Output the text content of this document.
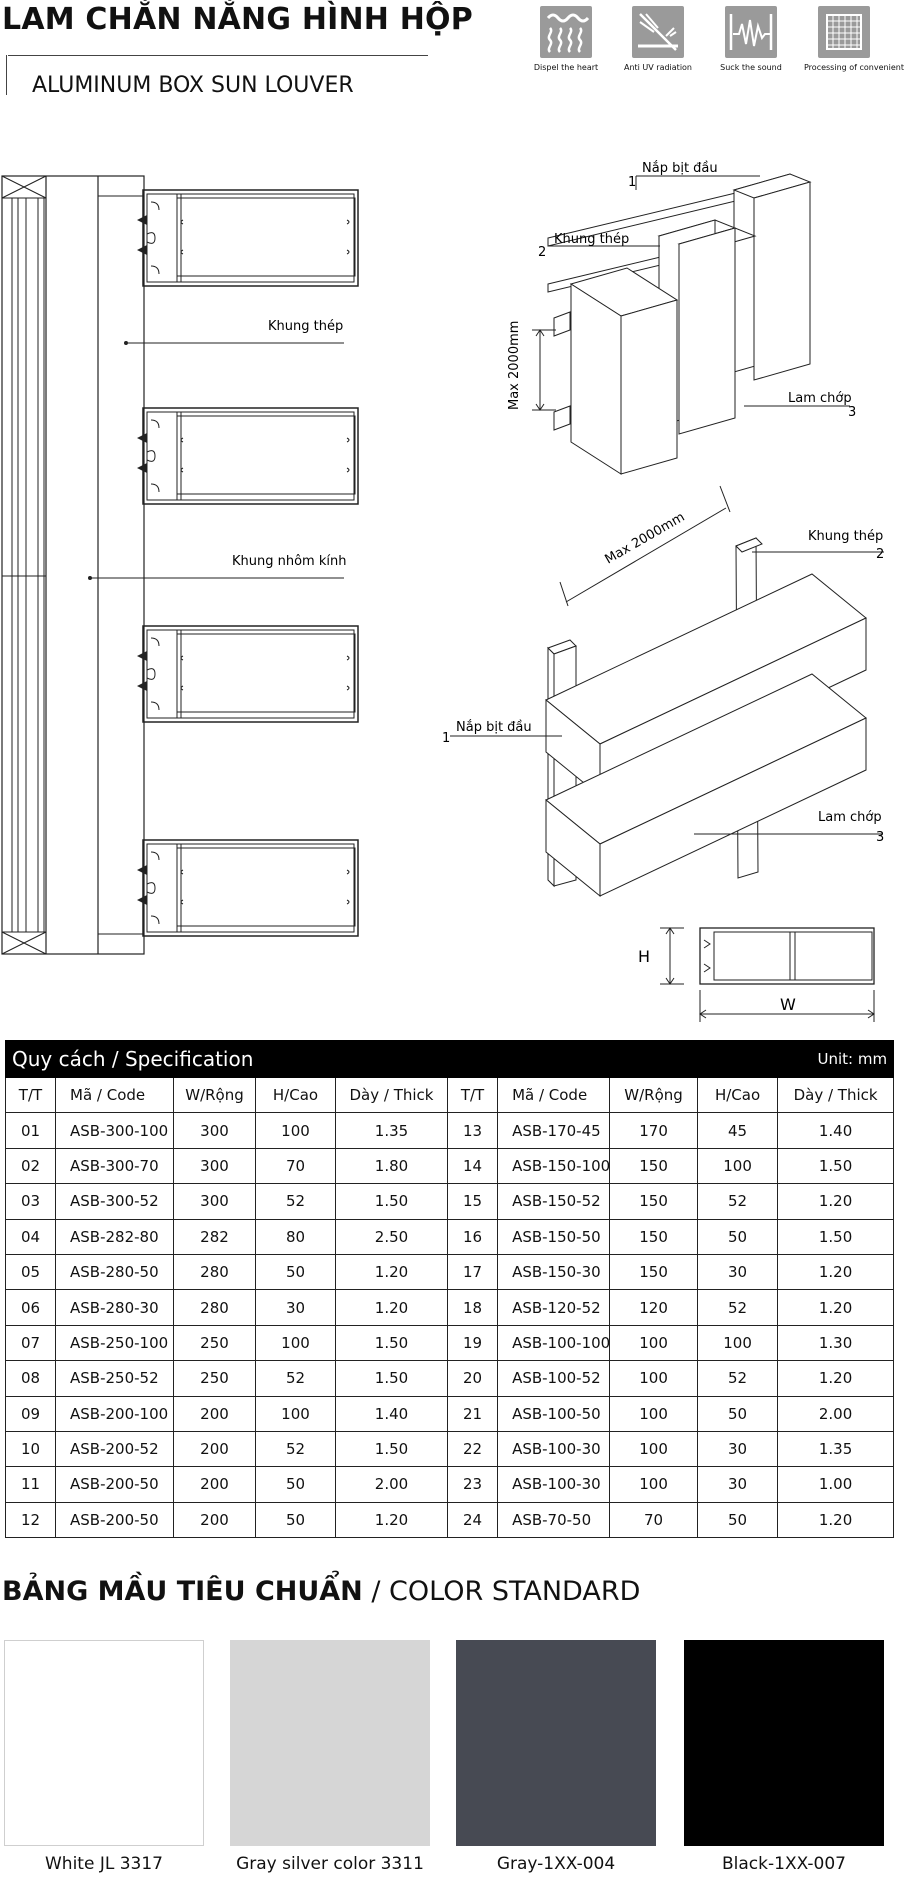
LAM CHẮN NẮNG HÌNH HỘP
ALUMINUM BOX SUN LOUVER
Dispel the heart	Anti UV radiation	Suck the sound	Processing of convenient
Khung thép
Khung nhôm kính
Max 2000mm
Nắp bịt đầu
1
Khung thép
2
Lam chớp
3
Max 2000mm	Khung thép
2
Nắp bịt đầu
1
Lam chớp
3
H
W
Quy cách / Specification						Unit: mm			
T/T	Mã / Code	W/Rộng	H/Cao	Dày / Thick	T/T	Mã / Code	W/Rộng	H/Cao	Dày / Thick
01	ASB-300-100	300	100	1.35	13	ASB-170-45	170	45	1.40
02	ASB-300-70	300	70	1.80	14	ASB-150-100	150	100	1.50
03	ASB-300-52	300	52	1.50	15	ASB-150-52	150	52	1.20
04	ASB-282-80	282	80	2.50	16	ASB-150-50	150	50	1.50
05	ASB-280-50	280	50	1.20	17	ASB-150-30	150	30	1.20
06	ASB-280-30	280	30	1.20	18	ASB-120-52	120	52	1.20
07	ASB-250-100	250	100	1.50	19	ASB-100-100	100	100	1.30
08	ASB-250-52	250	52	1.50	20	ASB-100-52	100	52	1.20
09	ASB-200-100	200	100	1.40	21	ASB-100-50	100	50	2.00
10	ASB-200-52	200	52	1.50	22	ASB-100-30	100	30	1.35
11	ASB-200-50	200	50	2.00	23	ASB-100-30	100	30	1.00
12	ASB-200-50	200	50	1.20	24	ASB-70-50	70	50	1.20
BẢNG MẦU TIÊU CHUẨN / COLOR STANDARD
White JL 3317	Gray silver color 3311	Gray-1XX-004	Black-1XX-007
